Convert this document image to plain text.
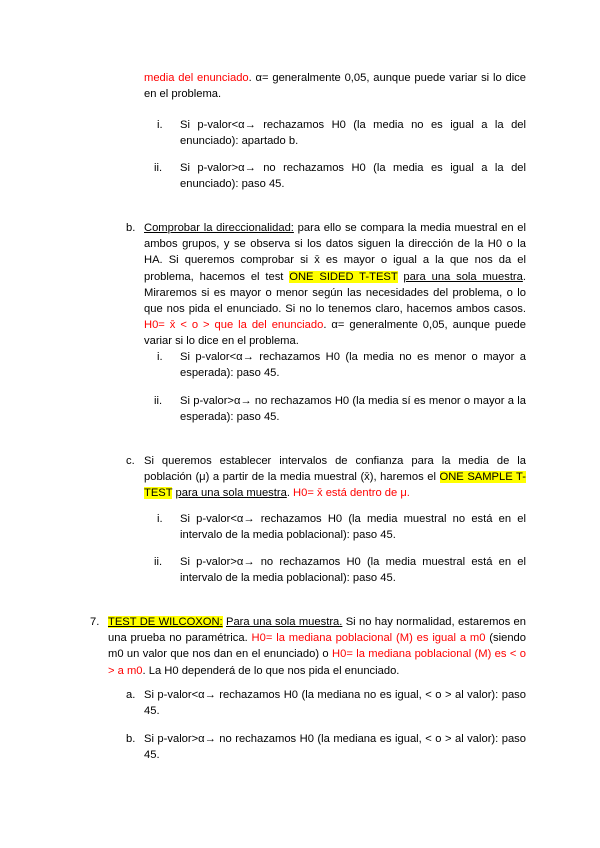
media del enunciado. α= generalmente 0,05, aunque puede variar si lo dice en el problema.
i. Si p-valor<α→ rechazamos H0 (la media no es igual a la del enunciado): apartado b.
ii. Si p-valor>α→ no rechazamos H0 (la media es igual a la del enunciado): paso 45.
b. Comprobar la direccionalidad: para ello se compara la media muestral en el ambos grupos, y se observa si los datos siguen la dirección de la H0 o la HA. Si queremos comprobar si x̄ es mayor o igual a la que nos da el problema, hacemos el test ONE SIDED T-TEST para una sola muestra. Miraremos si es mayor o menor según las necesidades del problema, o lo que nos pida el enunciado. Si no lo tenemos claro, hacemos ambos casos. H0= x̄ < o > que la del enunciado. α= generalmente 0,05, aunque puede variar si lo dice en el problema.
i. Si p-valor<α→ rechazamos H0 (la media no es menor o mayor a esperada): paso 45.
ii. Si p-valor>α→ no rechazamos H0 (la media sí es menor o mayor a la esperada): paso 45.
c. Si queremos establecer intervalos de confianza para la media de la población (μ) a partir de la media muestral (x̄), haremos el ONE SAMPLE T-TEST para una sola muestra. H0= x̄ está dentro de μ.
i. Si p-valor<α→ rechazamos H0 (la media muestral no está en el intervalo de la media poblacional): paso 45.
ii. Si p-valor>α→ no rechazamos H0 (la media muestral está en el intervalo de la media poblacional): paso 45.
7. TEST DE WILCOXON: Para una sola muestra. Si no hay normalidad, estaremos en una prueba no paramétrica. H0= la mediana poblacional (M) es igual a m0 (siendo m0 un valor que nos dan en el enunciado) o H0= la mediana poblacional (M) es < o > a m0. La H0 dependerá de lo que nos pida el enunciado.
a. Si p-valor<α→ rechazamos H0 (la mediana no es igual, < o > al valor): paso 45.
b. Si p-valor>α→ no rechazamos H0 (la mediana es igual, < o > al valor): paso 45.
